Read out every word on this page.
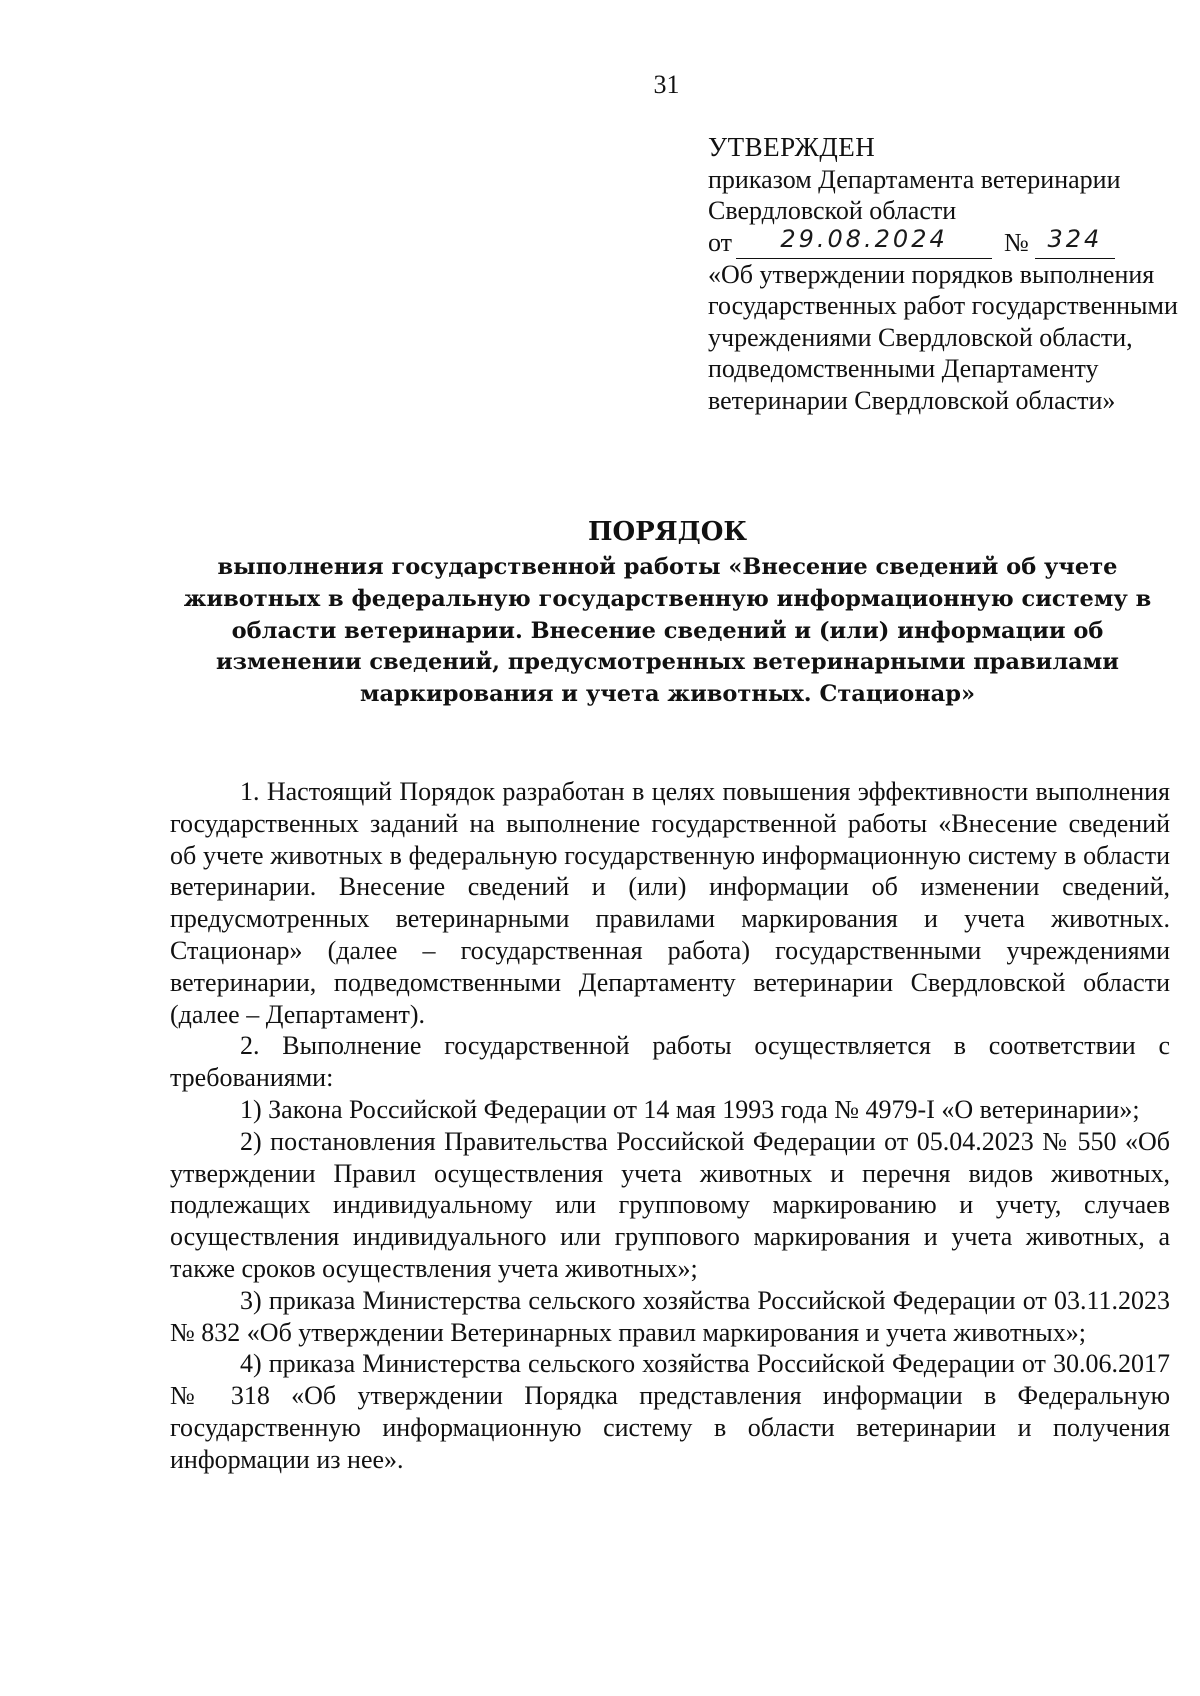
31
УТВЕРЖДЕН
приказом Департамента ветеринарии
Свердловской области
от	29.08.2024	№ 324
«Об утверждении порядков выполнения государственных работ государственными учреждениями Свердловской области, подведомственными Департаменту ветеринарии Свердловской области»
ПОРЯДОК
выполнения государственной работы «Внесение сведений об учете животных в федеральную государственную информационную систему в области ветеринарии. Внесение сведений и (или) информации об изменении сведений, предусмотренных ветеринарными правилами маркирования и учета животных. Стационар»

1. Настоящий Порядок разработан в целях повышения эффективности выполнения государственных заданий на выполнение государственной работы «Внесение сведений об учете животных в федеральную государственную информационную систему в области ветеринарии. Внесение сведений и (или) информации об изменении сведений, предусмотренных ветеринарными правилами маркирования и учета животных. Стационар» (далее – государственная работа) государственными учреждениями ветеринарии, подведомственными Департаменту ветеринарии Свердловской области (далее – Департамент).

2. Выполнение государственной работы осуществляется в соответствии с требованиями:

1) Закона Российской Федерации от 14 мая 1993 года № 4979-I «О ветеринарии»;

2) постановления Правительства Российской Федерации от 05.04.2023 № 550 «Об утверждении Правил осуществления учета животных и перечня видов животных, подлежащих индивидуальному или групповому маркированию и учету, случаев осуществления индивидуального или группового маркирования и учета животных, а также сроков осуществления учета животных»;

3) приказа Министерства сельского хозяйства Российской Федерации от 03.11.2023 № 832 «Об утверждении Ветеринарных правил маркирования и учета животных»;

4) приказа Министерства сельского хозяйства Российской Федерации от 30.06.2017 № 318 «Об утверждении Порядка представления информации в Федеральную государственную информационную систему в области ветеринарии и получения информации из нее».
